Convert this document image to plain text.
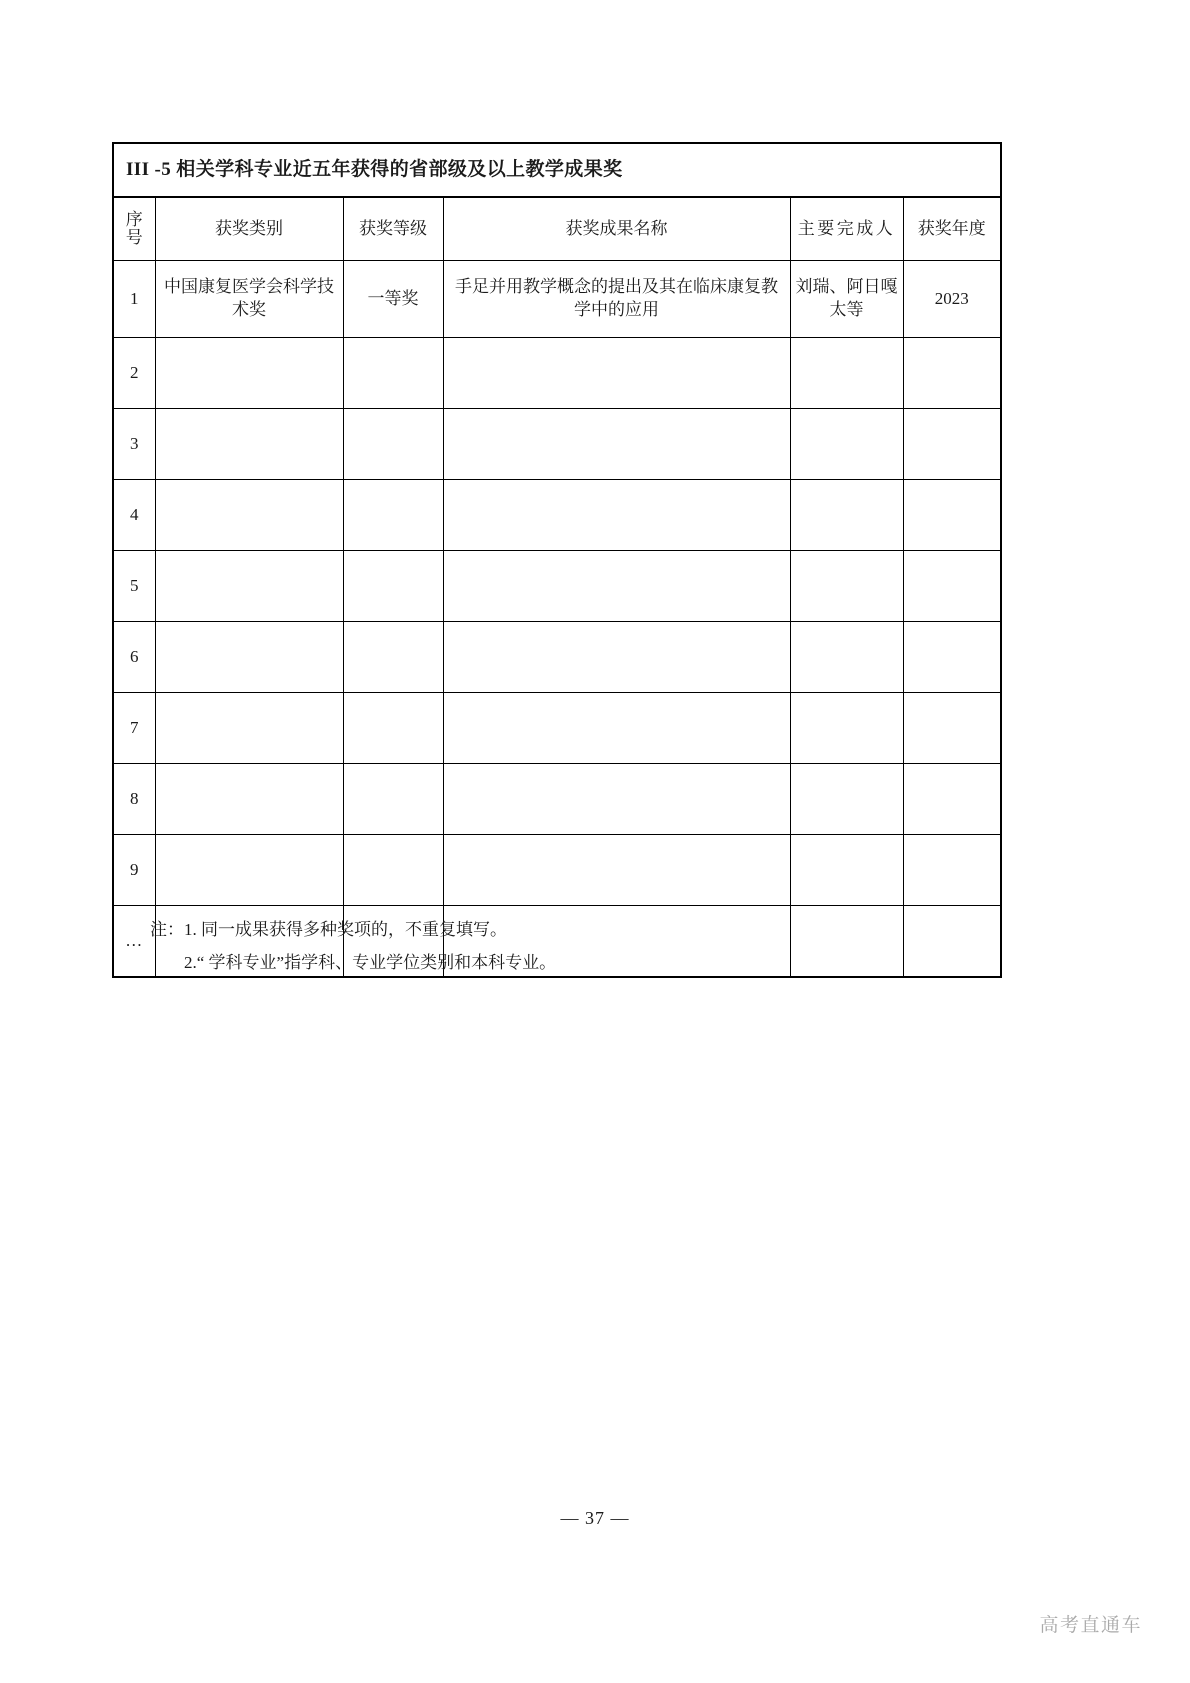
III -5 相关学科专业近五年获得的省部级及以上教学成果奖					
序
号	获奖类别	获奖等级	获奖成果名称	主要完成人	获奖年度
1	中国康复医学会科学技术奖	一等奖	手足并用教学概念的提出及其在临床康复教学中的应用	刘瑞、阿日嘎太等	2023
2					
3					
4					
5					
6					
7					
8					
9					
…					
注：1. 同一成果获得多种奖项的，不重复填写。
2.“ 学科专业”指学科、专业学位类别和本科专业。
— 37 —
高考直通车
